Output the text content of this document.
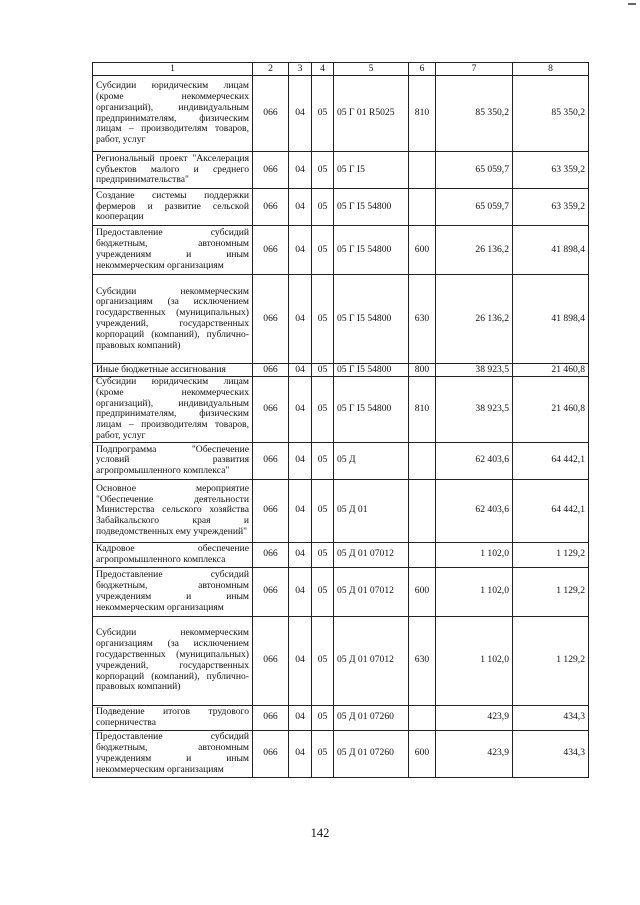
1	2	3	4	5	6	7	8
Субсидии юридическим лицам (кроме некоммерческих организаций), индивидуальным предпринимателям, физическим лицам – производителям товаров, работ, услуг	066	04	05	05 Г 01 R5025	810	85 350,2	85 350,2
Региональный проект "Акселерация субъектов малого и среднего предпринимательства"	066	04	05	05 Г I5		65 059,7	63 359,2
Создание системы поддержки фермеров и развитие сельской кооперации	066	04	05	05 Г I5 54800		65 059,7	63 359,2
Предоставление субсидий бюджетным, автономным учреждениям и иным некоммерческим организациям	066	04	05	05 Г I5 54800	600	26 136,2	41 898,4
Субсидии некоммерческим организациям (за исключением государственных (муниципальных) учреждений, государственных корпораций (компаний), публично-правовых компаний)	066	04	05	05 Г I5 54800	630	26 136,2	41 898,4
Иные бюджетные ассигнования	066	04	05	05 Г I5 54800	800	38 923,5	21 460,8
Субсидии юридическим лицам (кроме некоммерческих организаций), индивидуальным предпринимателям, физическим лицам – производителям товаров, работ, услуг	066	04	05	05 Г I5 54800	810	38 923,5	21 460,8
Подпрограмма "Обеспечение условий развития агропромышленного комплекса"	066	04	05	05 Д		62 403,6	64 442,1
Основное мероприятие "Обеспечение деятельности Министерства сельского хозяйства Забайкальского края и подведомственных ему учреждений"	066	04	05	05 Д 01		62 403,6	64 442,1
Кадровое обеспечение агропромышленного комплекса	066	04	05	05 Д 01 07012		1 102,0	1 129,2
Предоставление субсидий бюджетным, автономным учреждениям и иным некоммерческим организациям	066	04	05	05 Д 01 07012	600	1 102,0	1 129,2
Субсидии некоммерческим организациям (за исключением государственных (муниципальных) учреждений, государственных корпораций (компаний), публично-правовых компаний)	066	04	05	05 Д 01 07012	630	1 102,0	1 129,2
Подведение итогов трудового соперничества	066	04	05	05 Д 01 07260		423,9	434,3
Предоставление субсидий бюджетным, автономным учреждениям и иным некоммерческим организациям	066	04	05	05 Д 01 07260	600	423,9	434,3
142
